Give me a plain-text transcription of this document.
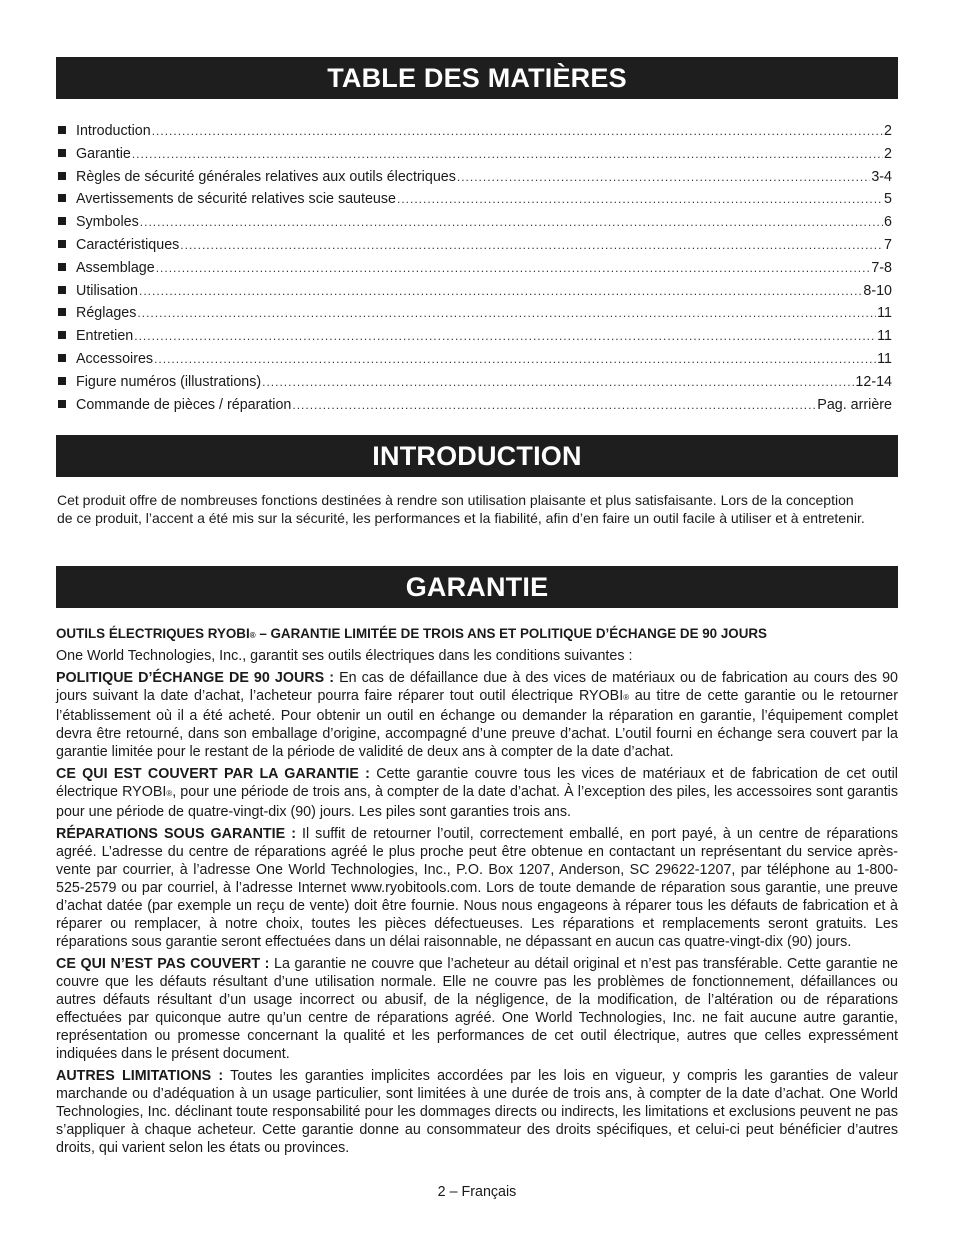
TABLE DES MATIÈRES
Introduction .....	2
Garantie .....	2
Règles de sécurité générales relatives aux outils électriques .....	3-4
Avertissements de sécurité relatives scie sauteuse .....	5
Symboles .....	6
Caractéristiques .....	7
Assemblage .....	7-8
Utilisation .....	8-10
Réglages .....	11
Entretien .....	11
Accessoires .....	11
Figure numéros (illustrations) .....	12-14
Commande de pièces / réparation .....	Pag. arrière
INTRODUCTION
Cet produit offre de nombreuses fonctions destinées à rendre son utilisation plaisante et plus satisfaisante. Lors de la conception
de ce produit, l’accent a été mis sur la sécurité, les performances et la fiabilité, afin d’en faire un outil facile à utiliser et à entretenir.
GARANTIE

OUTILS ÉLECTRIQUES RYOBI® – GARANTIE LIMITÉE DE TROIS ANS ET POLITIQUE D’ÉCHANGE DE 90 JOURS

One World Technologies, Inc., garantit ses outils électriques dans les conditions suivantes :

POLITIQUE D’ÉCHANGE DE 90 JOURS : En cas de défaillance due à des vices de matériaux ou de fabrication au cours des 90 jours suivant la date d’achat, l’acheteur pourra faire réparer tout outil électrique RYOBI® au titre de cette garantie ou le retourner l’établissement où il a été acheté. Pour obtenir un outil en échange ou demander la réparation en garantie, l’équipement complet devra être retourné, dans son emballage d’origine, accompagné d’une preuve d’achat. L’outil fourni en échange sera couvert par la garantie limitée pour le restant de la période de validité de deux ans à compter de la date d’achat.

CE QUI EST COUVERT PAR LA GARANTIE : Cette garantie couvre tous les vices de matériaux et de fabrication de cet outil électrique RYOBI®, pour une période de trois ans, à compter de la date d’achat. À l’exception des piles, les accessoires sont garantis pour une période de quatre-vingt-dix (90) jours. Les piles sont garanties trois ans.

RÉPARATIONS SOUS GARANTIE : Il suffit de retourner l’outil, correctement emballé, en port payé, à un centre de réparations agréé. L’adresse du centre de réparations agréé le plus proche peut être obtenue en contactant un représentant du service après-vente par courrier, à l’adresse One World Technologies, Inc., P.O. Box 1207, Anderson, SC 29622-1207, par téléphone au 1-800-525-2579 ou par courriel, à l’adresse Internet www.ryobitools.com. Lors de toute demande de réparation sous garantie, une preuve d’achat datée (par exemple un reçu de vente) doit être fournie. Nous nous engageons à réparer tous les défauts de fabrication et à réparer ou remplacer, à notre choix, toutes les pièces défectueuses. Les réparations et remplacements seront gratuits. Les réparations sous garantie seront effectuées dans un délai raisonnable, ne dépassant en aucun cas quatre-vingt-dix (90) jours.

CE QUI N’EST PAS COUVERT : La garantie ne couvre que l’acheteur au détail original et n’est pas transférable. Cette garantie ne couvre que les défauts résultant d’une utilisation normale. Elle ne couvre pas les problèmes de fonctionnement, défaillances ou autres défauts résultant d’un usage incorrect ou abusif, de la négligence, de la modification, de l’altération ou de réparations effectuées par quiconque autre qu’un centre de réparations agréé. One World Technologies, Inc. ne fait aucune autre garantie, représentation ou promesse concernant la qualité et les performances de cet outil électrique, autres que celles expressément indiquées dans le présent document.

AUTRES LIMITATIONS : Toutes les garanties implicites accordées par les lois en vigueur, y compris les garanties de valeur marchande ou d’adéquation à un usage particulier, sont limitées à une durée de trois ans, à compter de la date d’achat. One World Technologies, Inc. déclinant toute responsabilité pour les dommages directs ou indirects, les limitations et exclusions peuvent ne pas s’appliquer à chaque acheteur. Cette garantie donne au consommateur des droits spécifiques, et celui-ci peut bénéficier d’autres droits, qui varient selon les états ou provinces.

2 – Français
